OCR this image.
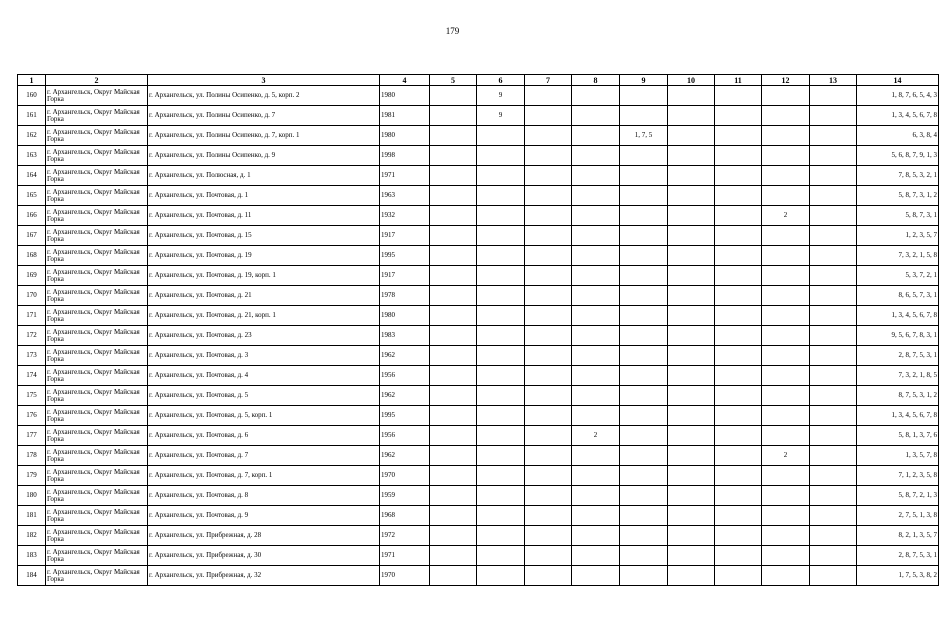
179
1	2	3	4	5	6	7	8	9	10	11	12	13	14
160	г. Архангельск, Округ Майская Горка	г. Архангельск, ул. Полины Осипенко, д. 5, корп. 2	1980		9								1, 8, 7, 6, 5, 4, 3
161	г. Архангельск, Округ Майская Горка	г. Архангельск, ул. Полины Осипенко, д. 7	1981		9								1, 3, 4, 5, 6, 7, 8
162	г. Архангельск, Округ Майская Горка	г. Архангельск, ул. Полины Осипенко, д. 7, корп. 1	1980					1, 7, 5					6, 3, 8, 4
163	г. Архангельск, Округ Майская Горка	г. Архангельск, ул. Полины Осипенко, д. 9	1998										5, 6, 8, 7, 9, 1, 3
164	г. Архангельск, Округ Майская Горка	г. Архангельск, ул. Полюсная, д. 1	1971										7, 8, 5, 3, 2, 1
165	г. Архангельск, Округ Майская Горка	г. Архангельск, ул. Почтовая, д. 1	1963										5, 8, 7, 3, 1, 2
166	г. Архангельск, Округ Майская Горка	г. Архангельск, ул. Почтовая, д. 11	1932								2		5, 8, 7, 3, 1
167	г. Архангельск, Округ Майская Горка	г. Архангельск, ул. Почтовая, д. 15	1917										1, 2, 3, 5, 7
168	г. Архангельск, Округ Майская Горка	г. Архангельск, ул. Почтовая, д. 19	1995										7, 3, 2, 1, 5, 8
169	г. Архангельск, Округ Майская Горка	г. Архангельск, ул. Почтовая, д. 19, корп. 1	1917										5, 3, 7, 2, 1
170	г. Архангельск, Округ Майская Горка	г. Архангельск, ул. Почтовая, д. 21	1978										8, 6, 5, 7, 3, 1
171	г. Архангельск, Округ Майская Горка	г. Архангельск, ул. Почтовая, д. 21, корп. 1	1980										1, 3, 4, 5, 6, 7, 8
172	г. Архангельск, Округ Майская Горка	г. Архангельск, ул. Почтовая, д. 23	1983										9, 5, 6, 7, 8, 3, 1
173	г. Архангельск, Округ Майская Горка	г. Архангельск, ул. Почтовая, д. 3	1962										2, 8, 7, 5, 3, 1
174	г. Архангельск, Округ Майская Горка	г. Архангельск, ул. Почтовая, д. 4	1956										7, 3, 2, 1, 8, 5
175	г. Архангельск, Округ Майская Горка	г. Архангельск, ул. Почтовая, д. 5	1962										8, 7, 5, 3, 1, 2
176	г. Архангельск, Округ Майская Горка	г. Архангельск, ул. Почтовая, д. 5, корп. 1	1995										1, 3, 4, 5, 6, 7, 8
177	г. Архангельск, Округ Майская Горка	г. Архангельск, ул. Почтовая, д. 6	1956				2						5, 8, 1, 3, 7, 6
178	г. Архангельск, Округ Майская Горка	г. Архангельск, ул. Почтовая, д. 7	1962								2		1, 3, 5, 7, 8
179	г. Архангельск, Округ Майская Горка	г. Архангельск, ул. Почтовая, д. 7, корп. 1	1970										7, 1, 2, 3, 5, 8
180	г. Архангельск, Округ Майская Горка	г. Архангельск, ул. Почтовая, д. 8	1959										5, 8, 7, 2, 1, 3
181	г. Архангельск, Округ Майская Горка	г. Архангельск, ул. Почтовая, д. 9	1968										2, 7, 5, 1, 3, 8
182	г. Архангельск, Округ Майская Горка	г. Архангельск, ул. Прибрежная, д. 28	1972										8, 2, 1, 3, 5, 7
183	г. Архангельск, Округ Майская Горка	г. Архангельск, ул. Прибрежная, д. 30	1971										2, 8, 7, 5, 3, 1
184	г. Архангельск, Округ Майская Горка	г. Архангельск, ул. Прибрежная, д. 32	1970										1, 7, 5, 3, 8, 2
